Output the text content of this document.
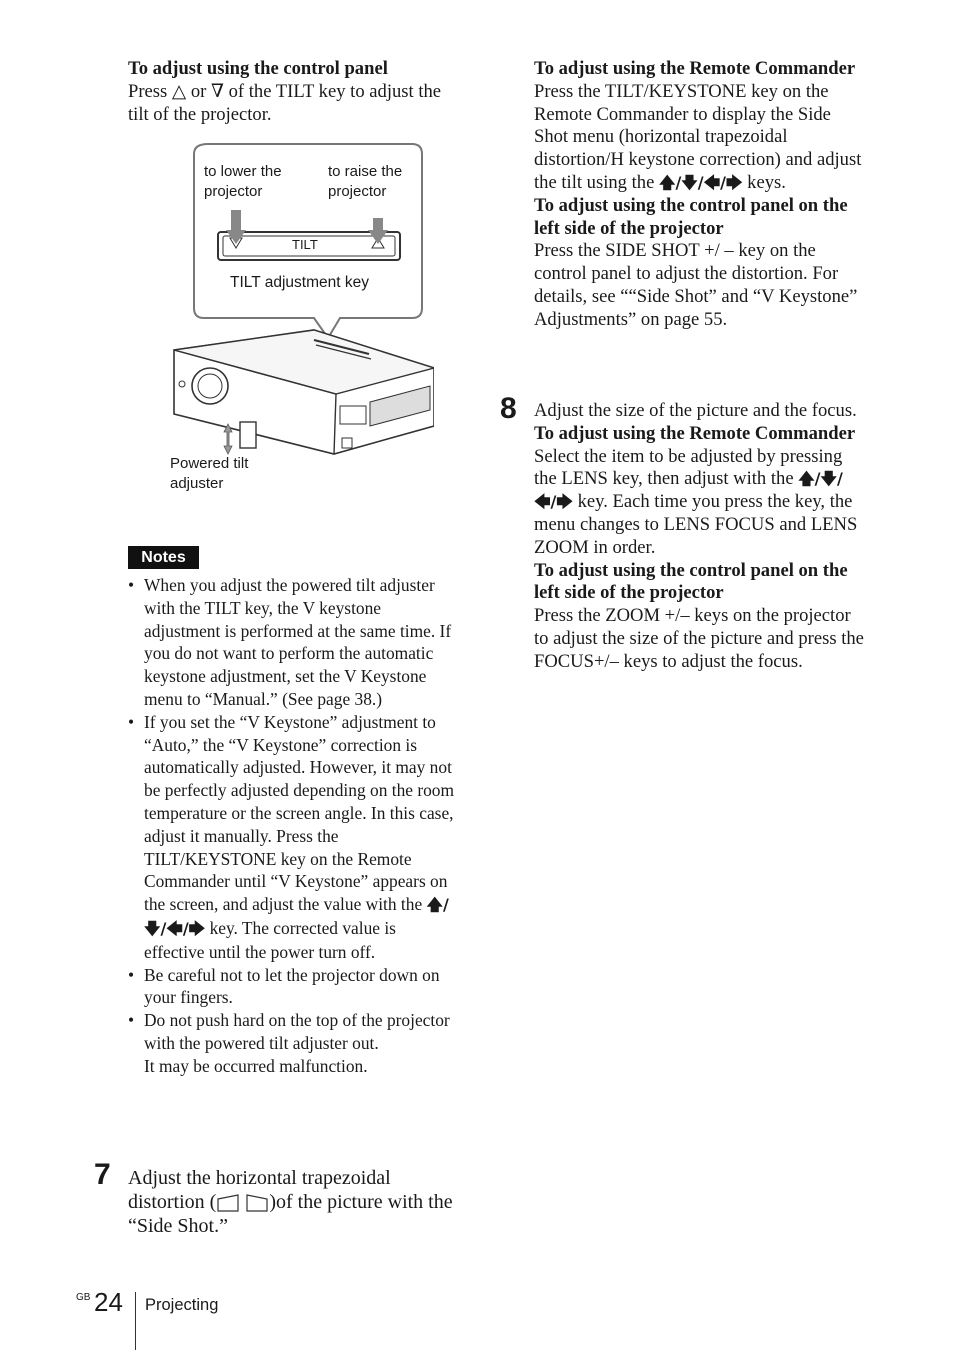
To adjust using the control panel
Press △ or ∇ of the TILT key to adjust the tilt of the projector.
to lower the projector
to raise the projector
TILT
TILT adjustment key
Powered tilt adjuster
Notes
• When you adjust the powered tilt adjuster with the TILT key, the V keystone adjustment is performed at the same time. If you do not want to perform the automatic keystone adjustment, set the V Keystone menu to “Manual.” (See page 38.)
• If you set the “V Keystone” adjustment to “Auto,” the “V Keystone” correction is automatically adjusted. However, it may not be perfectly adjusted depending on the room temperature or the screen angle. In this case, adjust it manually. Press the TILT/KEYSTONE key on the Remote Commander until “V Keystone” appears on the screen, and adjust the value with the 🡅/🡇/🡄/🡆 key. The corrected value is effective until the power turn off.
• Be careful not to let the projector down on your fingers.
• Do not push hard on the top of the projector with the powered tilt adjuster out.
It may be occurred malfunction.
7 Adjust the horizontal trapezoidal distortion (	)of the picture with the “Side Shot.”
To adjust using the Remote Commander
Press the TILT/KEYSTONE key on the Remote Commander to display the Side Shot menu (horizontal trapezoidal distortion/H keystone correction) and adjust the tilt using the 🡅/🡇/🡄/🡆 keys.
To adjust using the control panel on the left side of the projector
Press the SIDE SHOT +/ – key on the control panel to adjust the distortion. For details, see ““Side Shot” and “V Keystone” Adjustments” on page 55.
8 Adjust the size of the picture and the focus.
To adjust using the Remote Commander
Select the item to be adjusted by pressing the LENS key, then adjust with the 🡅/🡇/🡄/🡆 key. Each time you press the key, the menu changes to LENS FOCUS and LENS ZOOM in order.
To adjust using the control panel on the left side of the projector
Press the ZOOM +/– keys on the projector to adjust the size of the picture and press the FOCUS+/– keys to adjust the focus.
GB 24 Projecting
